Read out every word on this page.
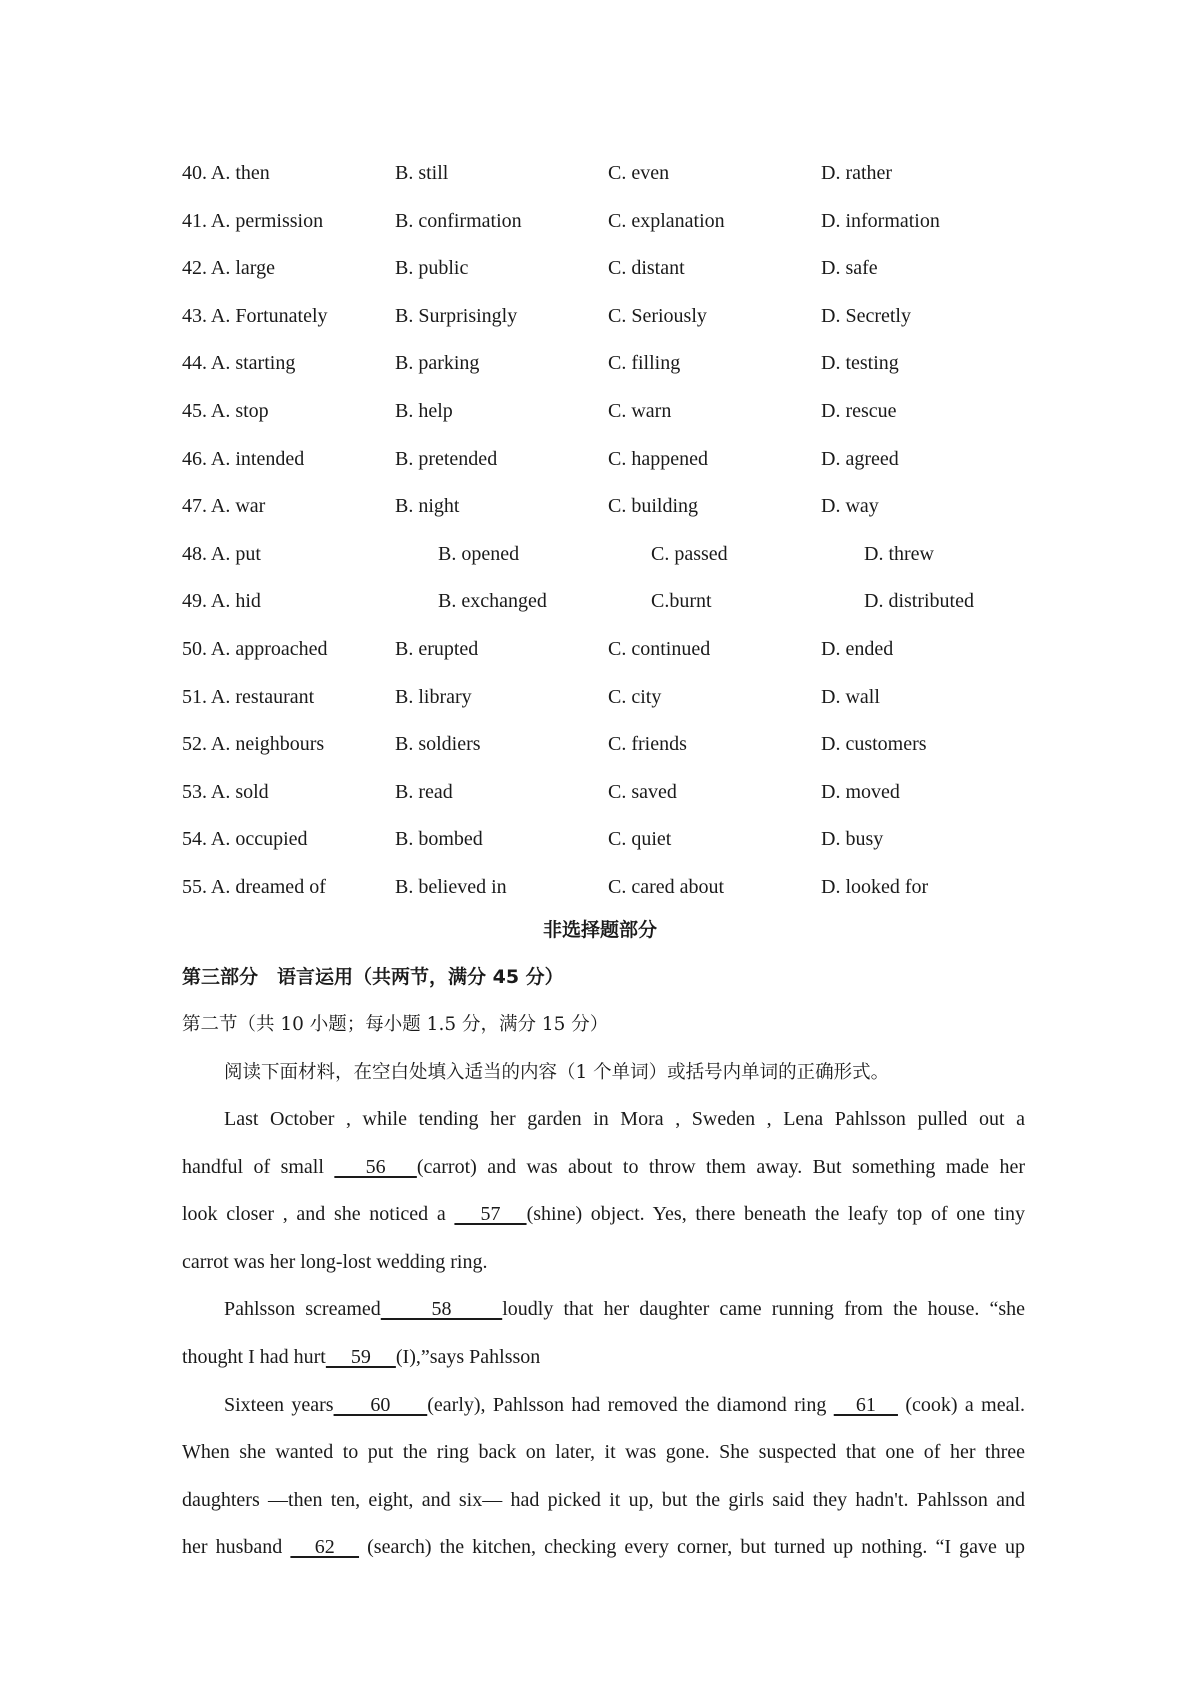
40. A. then	B. still	C. even	D. rather
41. A. permission	B. confirmation	C. explanation	D. information
42. A. large	B. public	C. distant	D. safe
43. A. Fortunately	B. Surprisingly	C. Seriously	D. Secretly
44. A. starting	B. parking	C. filling	D. testing
45. A. stop	B. help	C. warn	D. rescue
46. A. intended	B. pretended	C. happened	D. agreed
47. A. war	B. night	C. building	D. way
48. A. put	B. opened	C. passed	D. threw
49. A. hid	B. exchanged	C.burnt	D. distributed
50. A. approached	B. erupted	C. continued	D. ended
51. A. restaurant	B. library	C. city	D. wall
52. A. neighbours	B. soldiers	C. friends	D. customers
53. A. sold	B. read	C. saved	D. moved
54. A. occupied	B. bombed	C. quiet	D. busy
55. A. dreamed of	B. believed in	C. cared about	D. looked for
非选择题部分
第三部分　语言运用（共两节，满分 45 分）
第二节（共 10 小题；每小题 1.5 分，满分 15 分）
阅读下面材料，在空白处填入适当的内容（1 个单词）或括号内单词的正确形式。
Last October , while tending her garden in Mora , Sweden , Lena Pahlsson pulled out a
handful of small    56   (carrot) and was about to throw them away. But something made her
look closer , and she noticed a    57   (shine) object. Yes, there beneath the leafy top of one tiny
carrot was her long-lost wedding ring.
Pahlsson screamed     58     loudly that her daughter came running from the house. “she
thought I had hurt     59     (I),”says Pahlsson
Sixteen years     60     (early), Pahlsson had removed the diamond ring    61    (cook) a meal.
When she wanted to put the ring back on later, it was gone. She suspected that one of her three
daughters —then ten, eight, and six— had picked it up, but the girls said they hadn't. Pahlsson and
her husband    62    (search) the kitchen, checking every corner, but turned up nothing. “I gave up
